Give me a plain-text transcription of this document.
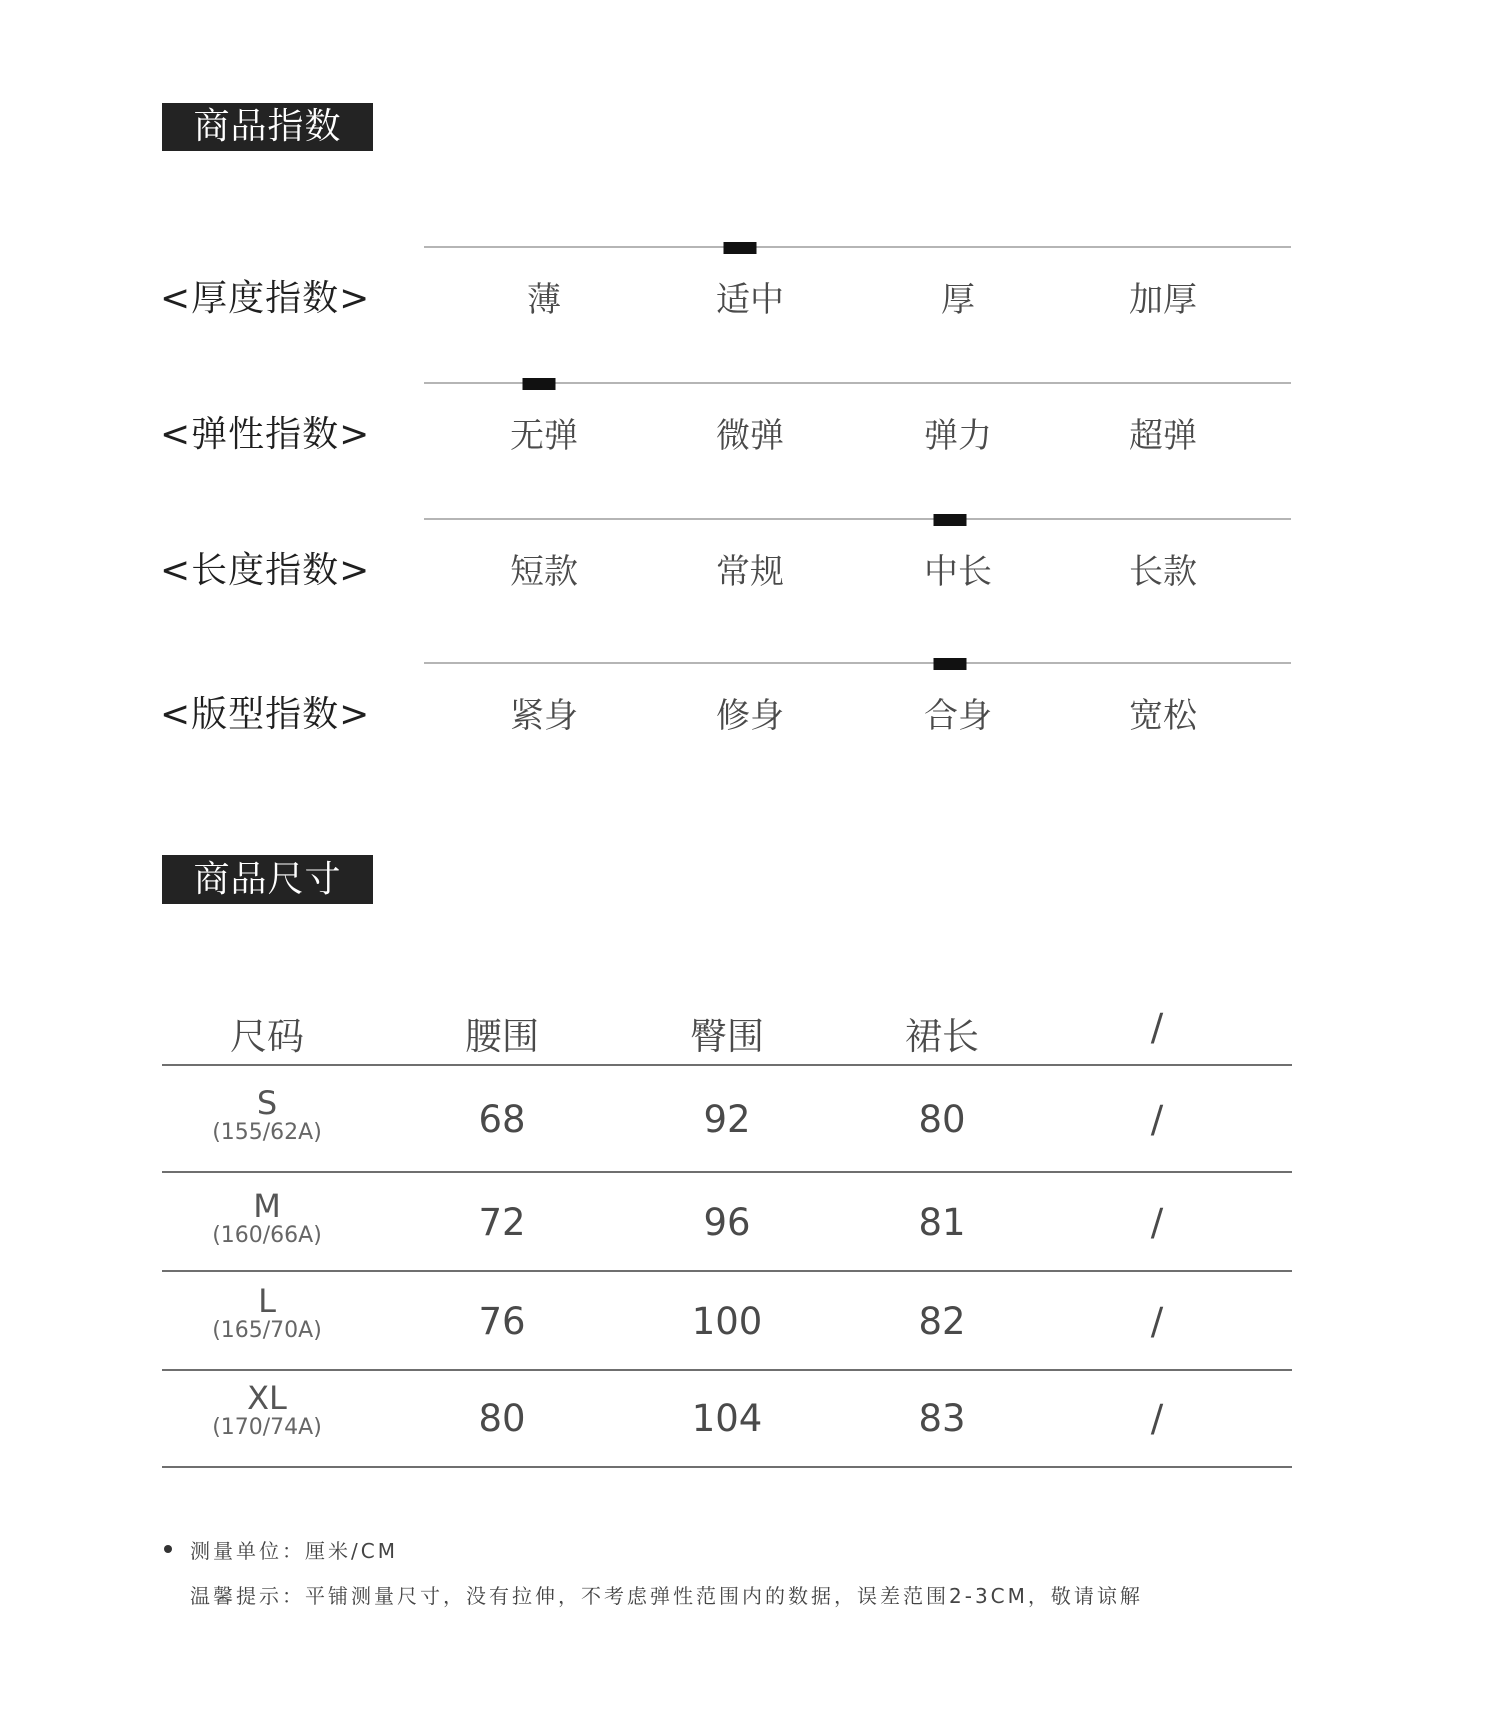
商品指数
<厚度指数>	薄	适中	厚	加厚
<弹性指数>	无弹	微弹	弹力	超弹
<长度指数>	短款	常规	中长	长款
<版型指数>	紧身	修身	合身	宽松
商品尺寸
尺码	腰围	臀围	裙长	/
S
(155/62A)	68	92	80	/
M
(160/66A)	72	96	81	/
L
(165/70A)	76	100	82	/
XL
(170/74A)	80	104	83	/
测量单位：厘米/CM
温馨提示：平铺测量尺寸，没有拉伸，不考虑弹性范围内的数据，误差范围2-3CM，敬请谅解
